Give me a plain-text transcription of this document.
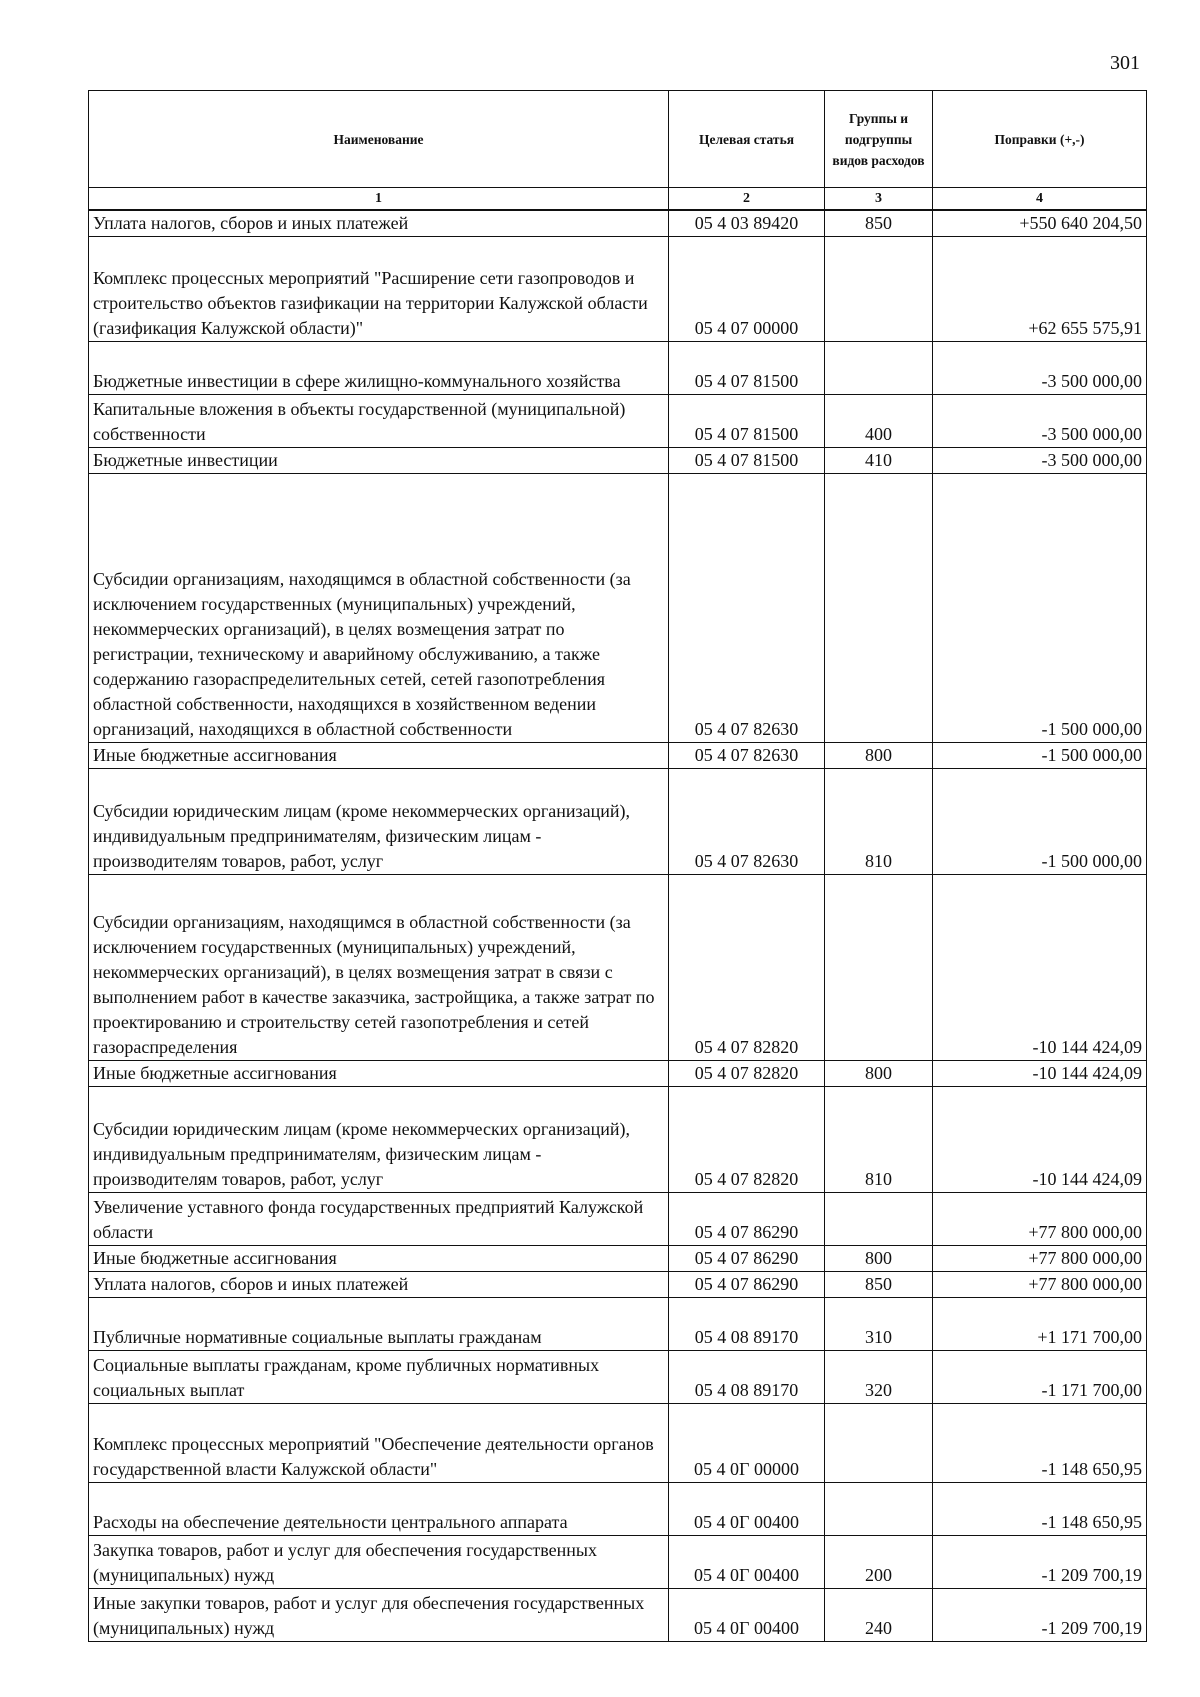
301
Наименование	Целевая статья	Группы и подгруппы видов расходов	Поправки (+,-)
1	2	3	4
Уплата налогов, сборов и иных платежей	05 4 03 89420	850	+550 640 204,50
Комплекс процессных мероприятий "Расширение сети газопроводов и строительство объектов газификации на территории Калужской области (газификация Калужской области)"	05 4 07 00000		+62 655 575,91
Бюджетные инвестиции в сфере жилищно-коммунального хозяйства	05 4 07 81500		-3 500 000,00
Капитальные вложения в объекты государственной (муниципальной) собственности	05 4 07 81500	400	-3 500 000,00
Бюджетные инвестиции	05 4 07 81500	410	-3 500 000,00
Субсидии организациям, находящимся в областной собственности (за исключением государственных (муниципальных) учреждений, некоммерческих организаций), в целях возмещения затрат по регистрации, техническому и аварийному обслуживанию, а также содержанию газораспределительных сетей, сетей газопотребления областной собственности, находящихся в хозяйственном ведении организаций, находящихся в областной собственности	05 4 07 82630		-1 500 000,00
Иные бюджетные ассигнования	05 4 07 82630	800	-1 500 000,00
Субсидии юридическим лицам (кроме некоммерческих организаций), индивидуальным предпринимателям, физическим лицам - производителям товаров, работ, услуг	05 4 07 82630	810	-1 500 000,00
Субсидии организациям, находящимся в областной собственности (за исключением государственных (муниципальных) учреждений, некоммерческих организаций), в целях возмещения затрат в связи с выполнением работ в качестве заказчика, застройщика, а также затрат по проектированию и строительству сетей газопотребления и сетей газораспределения	05 4 07 82820		-10 144 424,09
Иные бюджетные ассигнования	05 4 07 82820	800	-10 144 424,09
Субсидии юридическим лицам (кроме некоммерческих организаций), индивидуальным предпринимателям, физическим лицам - производителям товаров, работ, услуг	05 4 07 82820	810	-10 144 424,09
Увеличение уставного фонда государственных предприятий Калужской области	05 4 07 86290		+77 800 000,00
Иные бюджетные ассигнования	05 4 07 86290	800	+77 800 000,00
Уплата налогов, сборов и иных платежей	05 4 07 86290	850	+77 800 000,00
Публичные нормативные социальные выплаты гражданам	05 4 08 89170	310	+1 171 700,00
Социальные выплаты гражданам, кроме публичных нормативных социальных выплат	05 4 08 89170	320	-1 171 700,00
Комплекс процессных мероприятий "Обеспечение деятельности органов государственной власти Калужской области"	05 4 0Г 00000		-1 148 650,95
Расходы на обеспечение деятельности центрального аппарата	05 4 0Г 00400		-1 148 650,95
Закупка товаров, работ и услуг для обеспечения государственных (муниципальных) нужд	05 4 0Г 00400	200	-1 209 700,19
Иные закупки товаров, работ и услуг для обеспечения государственных (муниципальных) нужд	05 4 0Г 00400	240	-1 209 700,19
